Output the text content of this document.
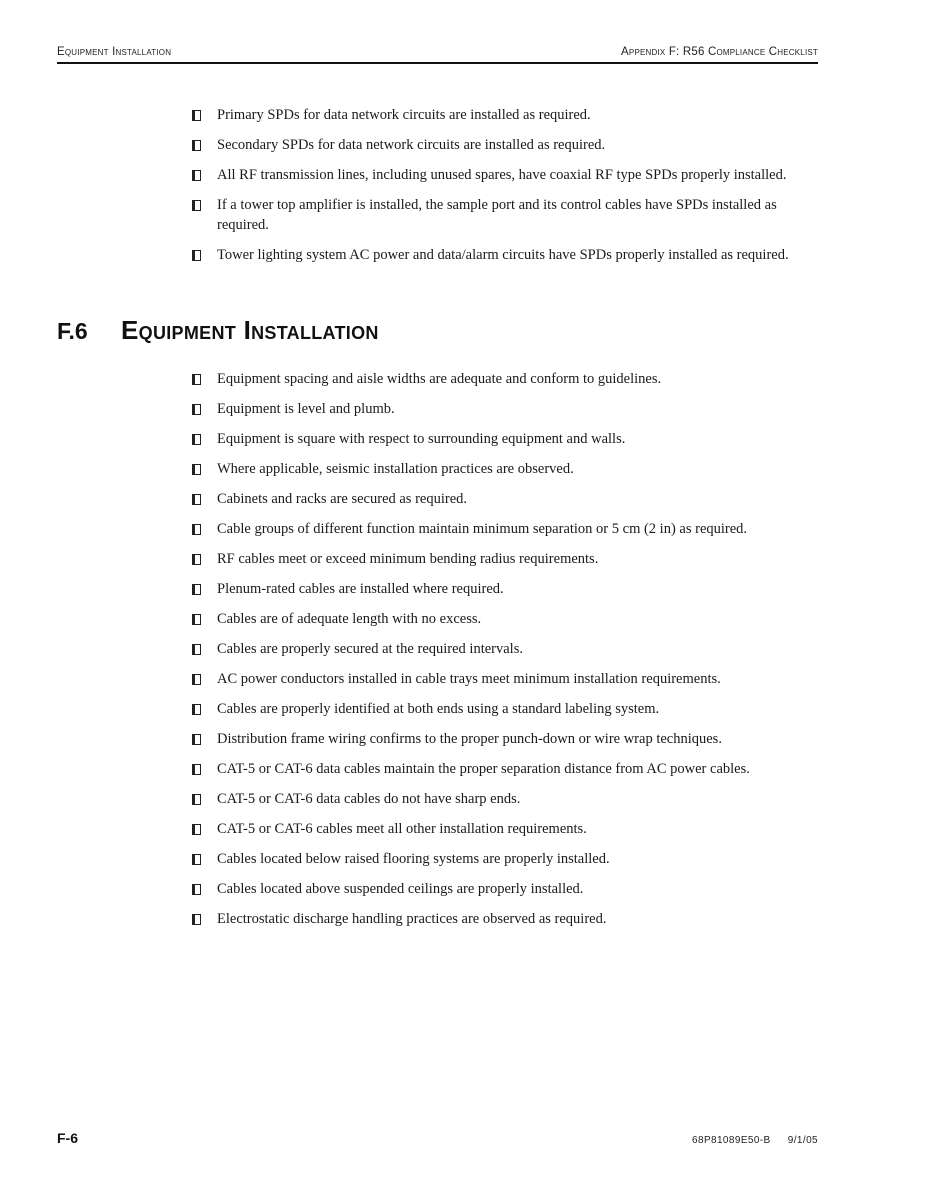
Equipment Installation	Appendix F: R56 Compliance Checklist
Primary SPDs for data network circuits are installed as required.
Secondary SPDs for data network circuits are installed as required.
All RF transmission lines, including unused spares, have coaxial RF type SPDs properly installed.
If a tower top amplifier is installed, the sample port and its control cables have SPDs installed as required.
Tower lighting system AC power and data/alarm circuits have SPDs properly installed as required.
F.6	Equipment Installation
Equipment spacing and aisle widths are adequate and conform to guidelines.
Equipment is level and plumb.
Equipment is square with respect to surrounding equipment and walls.
Where applicable, seismic installation practices are observed.
Cabinets and racks are secured as required.
Cable groups of different function maintain minimum separation or 5 cm (2 in) as required.
RF cables meet or exceed minimum bending radius requirements.
Plenum-rated cables are installed where required.
Cables are of adequate length with no excess.
Cables are properly secured at the required intervals.
AC power conductors installed in cable trays meet minimum installation requirements.
Cables are properly identified at both ends using a standard labeling system.
Distribution frame wiring confirms to the proper punch-down or wire wrap techniques.
CAT-5 or CAT-6 data cables maintain the proper separation distance from AC power cables.
CAT-5 or CAT-6 data cables do not have sharp ends.
CAT-5 or CAT-6 cables meet all other installation requirements.
Cables located below raised flooring systems are properly installed.
Cables located above suspended ceilings are properly installed.
Electrostatic discharge handling practices are observed as required.
F-6	68P81089E50-B 9/1/05
